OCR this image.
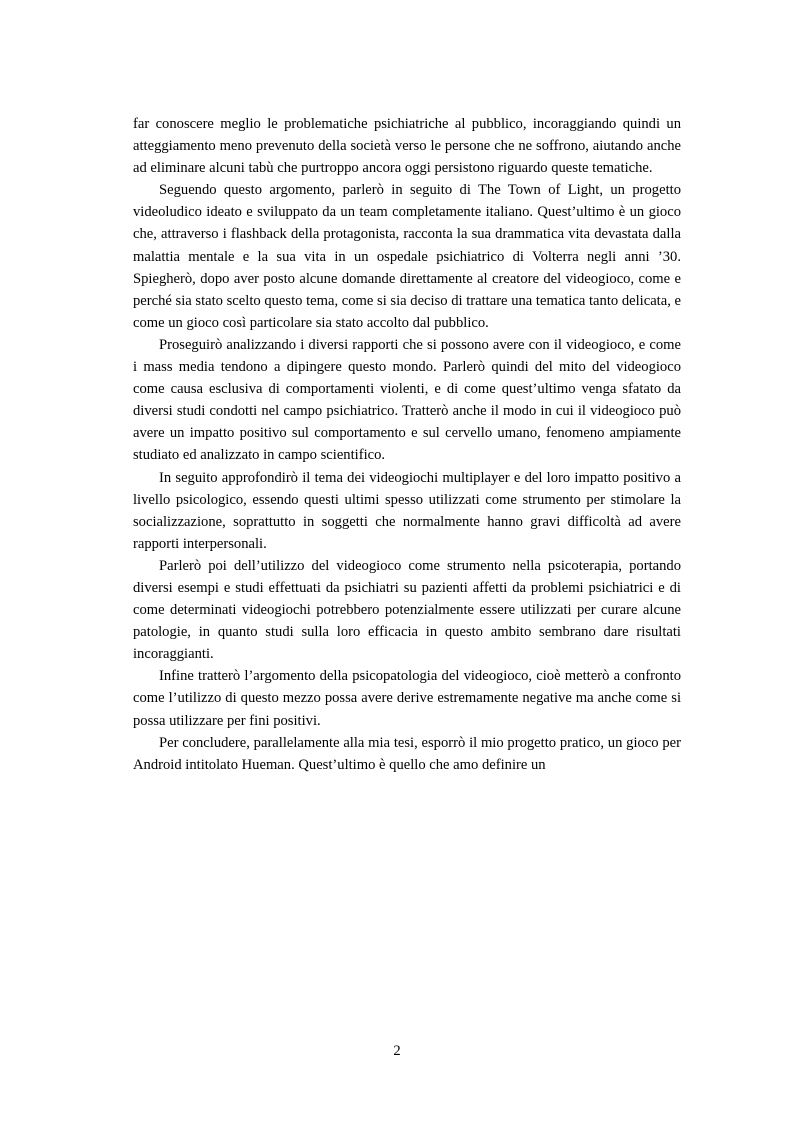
far conoscere meglio le problematiche psichiatriche al pubblico, incoraggiando quindi un atteggiamento meno prevenuto della società verso le persone che ne soffrono, aiutando anche ad eliminare alcuni tabù che purtroppo ancora oggi persistono riguardo queste tematiche.

Seguendo questo argomento, parlerò in seguito di The Town of Light, un progetto videoludico ideato e sviluppato da un team completamente italiano. Quest’ultimo è un gioco che, attraverso i flashback della protagonista, racconta la sua drammatica vita devastata dalla malattia mentale e la sua vita in un ospedale psichiatrico di Volterra negli anni ’30. Spiegherò, dopo aver posto alcune domande direttamente al creatore del videogioco, come e perché sia stato scelto questo tema, come si sia deciso di trattare una tematica tanto delicata, e come un gioco così particolare sia stato accolto dal pubblico.

Proseguirò analizzando i diversi rapporti che si possono avere con il videogioco, e come i mass media tendono a dipingere questo mondo. Parlerò quindi del mito del videogioco come causa esclusiva di comportamenti violenti, e di come quest’ultimo venga sfatato da diversi studi condotti nel campo psichiatrico. Tratterò anche il modo in cui il videogioco può avere un impatto positivo sul comportamento e sul cervello umano, fenomeno ampiamente studiato ed analizzato in campo scientifico.

In seguito approfondirò il tema dei videogiochi multiplayer e del loro impatto positivo a livello psicologico, essendo questi ultimi spesso utilizzati come strumento per stimolare la socializzazione, soprattutto in soggetti che normalmente hanno gravi difficoltà ad avere rapporti interpersonali.

Parlerò poi dell’utilizzo del videogioco come strumento nella psicoterapia, portando diversi esempi e studi effettuati da psichiatri su pazienti affetti da problemi psichiatrici e di come determinati videogiochi potrebbero potenzialmente essere utilizzati per curare alcune patologie, in quanto studi sulla loro efficacia in questo ambito sembrano dare risultati incoraggianti.

Infine tratterò l’argomento della psicopatologia del videogioco, cioè metterò a confronto come l’utilizzo di questo mezzo possa avere derive estremamente negative ma anche come si possa utilizzare per fini positivi.

Per concludere, parallelamente alla mia tesi, esporrò il mio progetto pratico, un gioco per Android intitolato Hueman. Quest’ultimo è quello che amo definire un

2
